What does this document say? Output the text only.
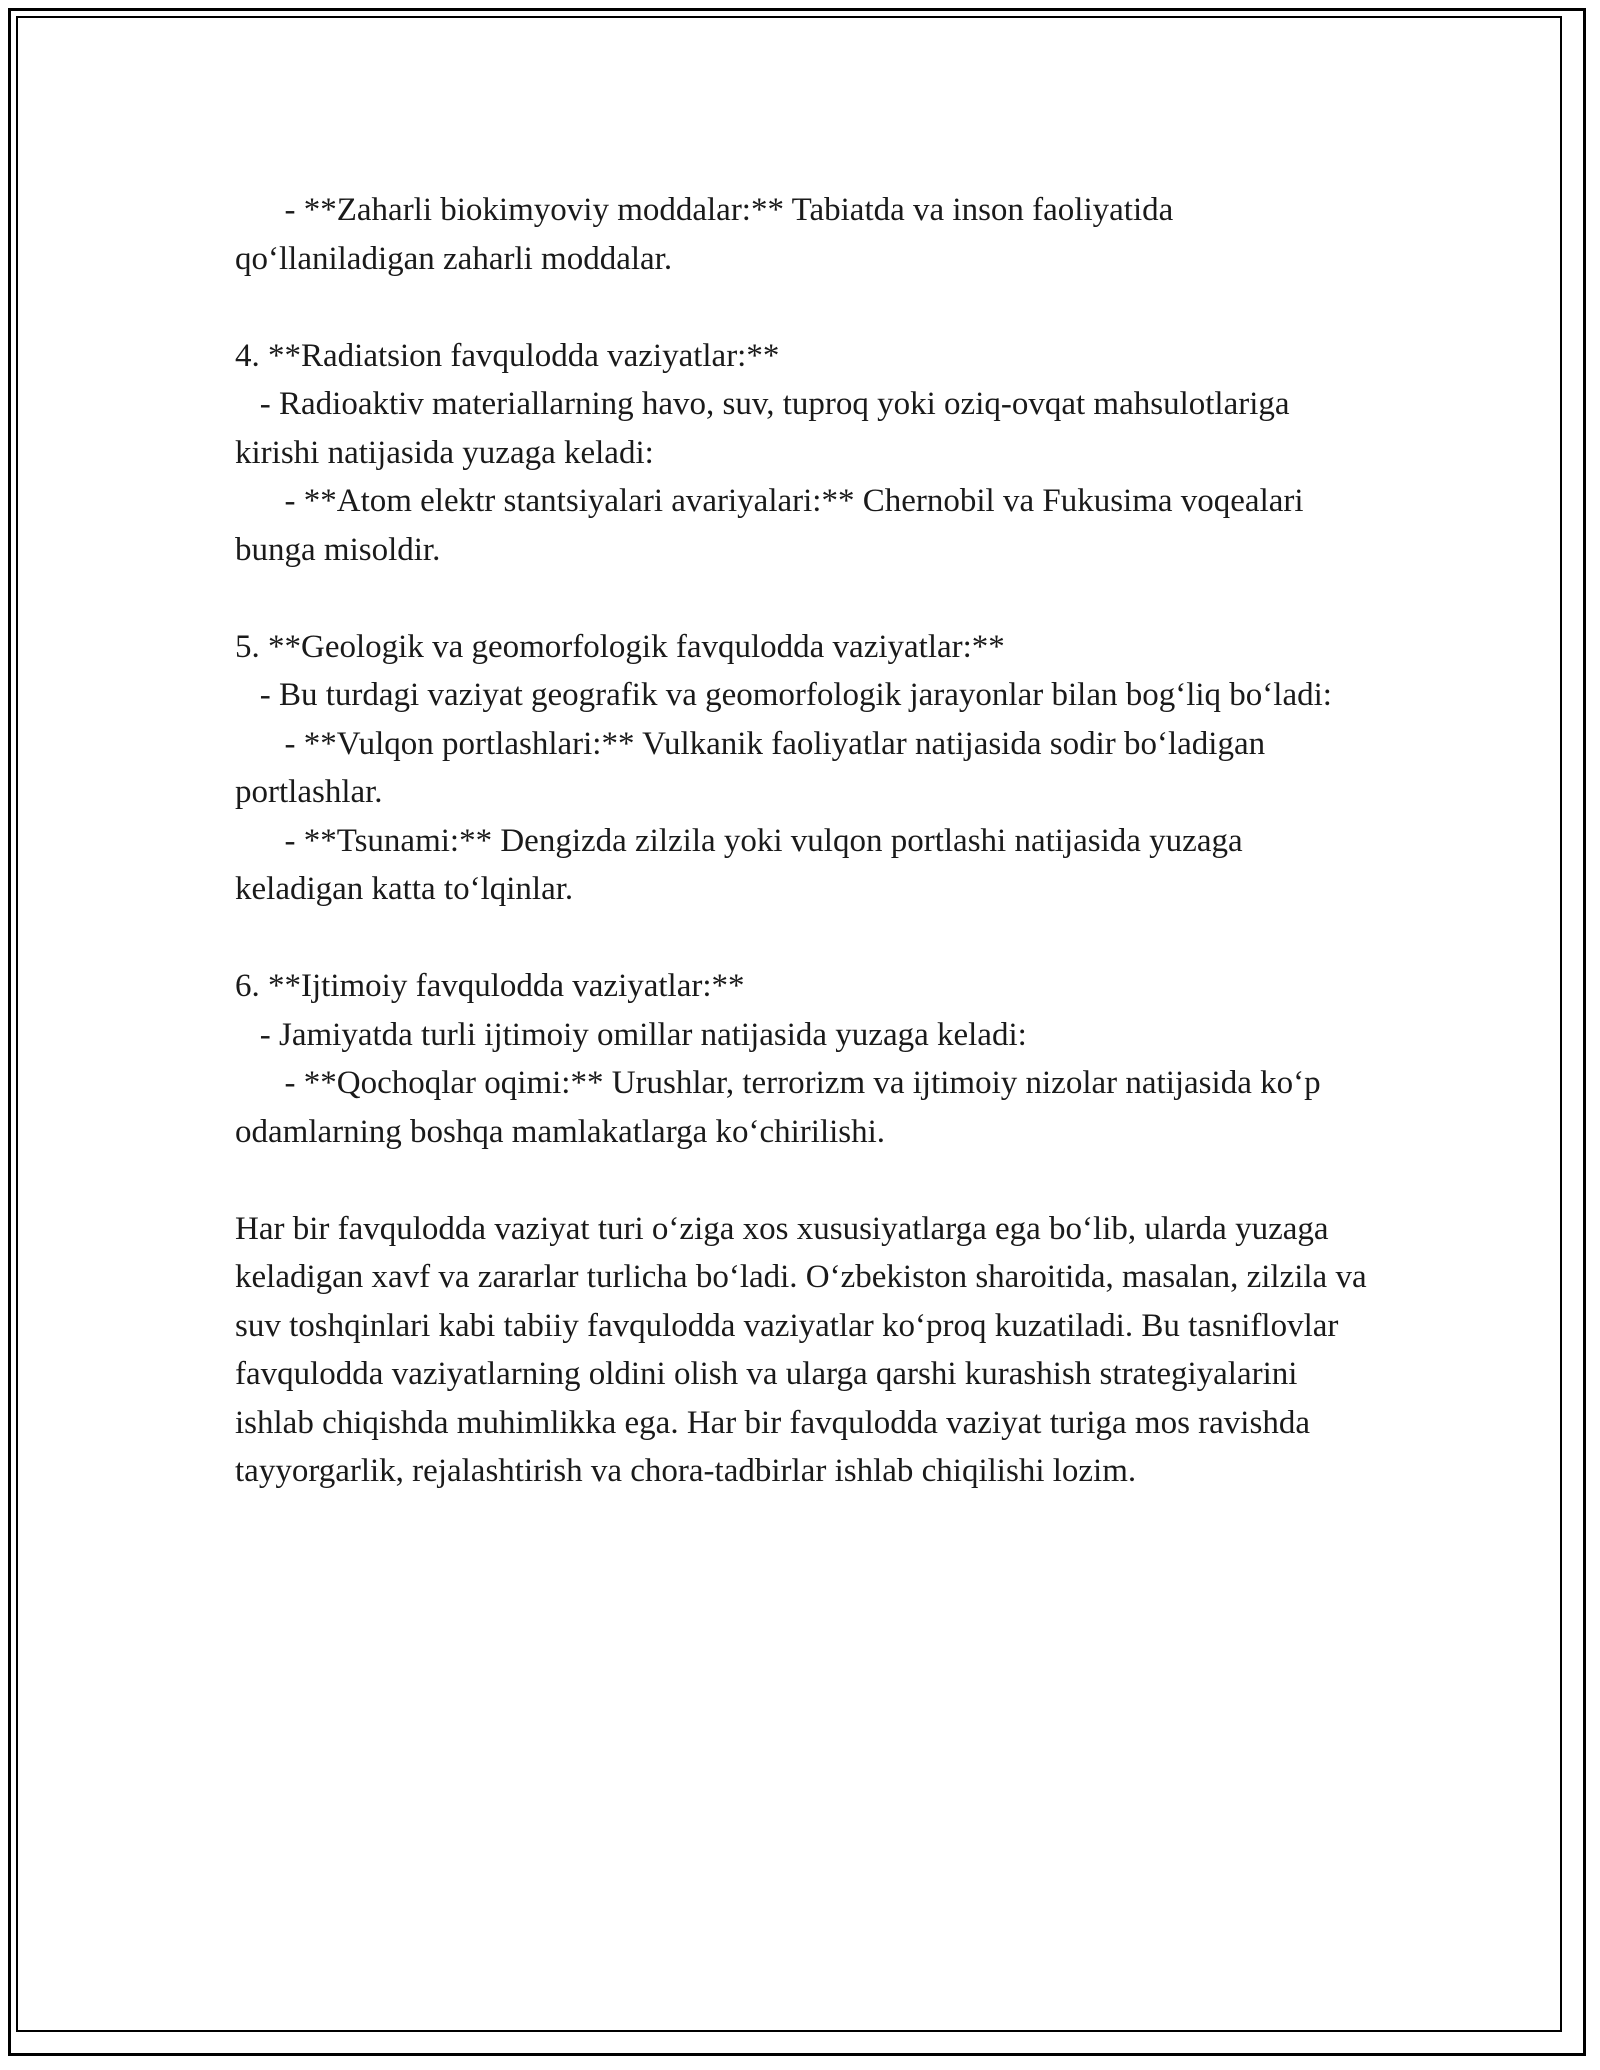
- **Zaharli biokimyoviy moddalar:** Tabiatda va inson faoliyatida qo‘llaniladigan zaharli moddalar.

4. **Radiatsion favqulodda vaziyatlar:**

- Radioaktiv materiallarning havo, suv, tuproq yoki oziq-ovqat mahsulotlariga kirishi natijasida yuzaga keladi:

- **Atom elektr stantsiyalari avariyalari:** Chernobil va Fukusima voqealari bunga misoldir.

5. **Geologik va geomorfologik favqulodda vaziyatlar:**

- Bu turdagi vaziyat geografik va geomorfologik jarayonlar bilan bog‘liq bo‘ladi:

- **Vulqon portlashlari:** Vulkanik faoliyatlar natijasida sodir bo‘ladigan portlashlar.

- **Tsunami:** Dengizda zilzila yoki vulqon portlashi natijasida yuzaga keladigan katta to‘lqinlar.

6. **Ijtimoiy favqulodda vaziyatlar:**

- Jamiyatda turli ijtimoiy omillar natijasida yuzaga keladi:

- **Qochoqlar oqimi:** Urushlar, terrorizm va ijtimoiy nizolar natijasida ko‘p odamlarning boshqa mamlakatlarga ko‘chirilishi.

Har bir favqulodda vaziyat turi o‘ziga xos xususiyatlarga ega bo‘lib, ularda yuzaga keladigan xavf va zararlar turlicha bo‘ladi. O‘zbekiston sharoitida, masalan, zilzila va suv toshqinlari kabi tabiiy favqulodda vaziyatlar ko‘proq kuzatiladi. Bu tasniflovlar favqulodda vaziyatlarning oldini olish va ularga qarshi kurashish strategiyalarini ishlab chiqishda muhimlikka ega. Har bir favqulodda vaziyat turiga mos ravishda tayyorgarlik, rejalashtirish va chora-tadbirlar ishlab chiqilishi lozim.
